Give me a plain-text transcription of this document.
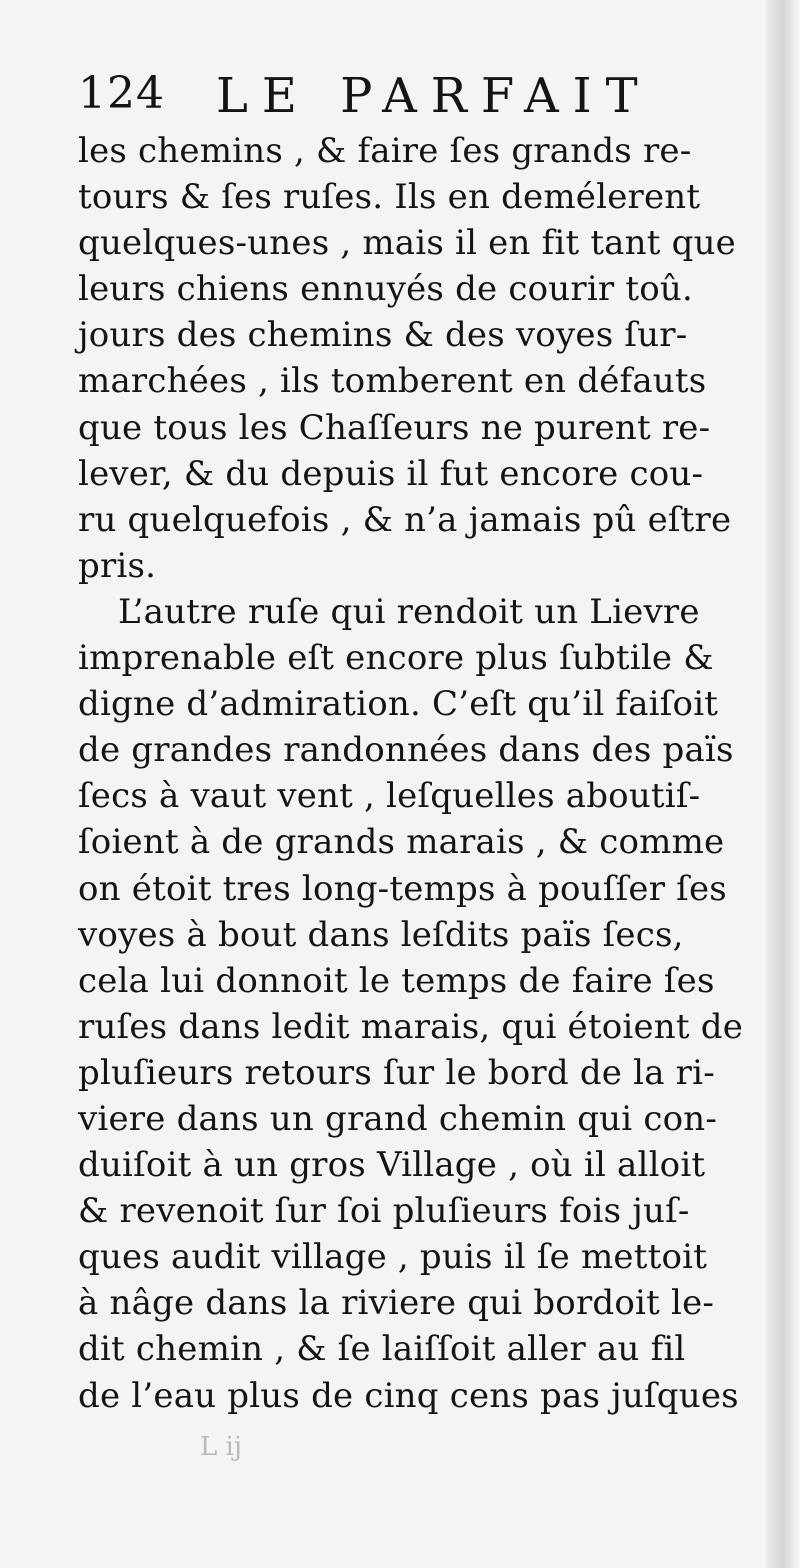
124 LE PARFAIT
les chemins , & faire ſes grands re-
tours & ſes ruſes. Ils en demélerent
quelques-unes , mais il en fit tant que
leurs chiens ennuyés de courir toû.
jours des chemins & des voyes ſur-
marchées , ils tomberent en défauts
que tous les Chaſſeurs ne purent re-
lever, & du depuis il fut encore cou-
ru quelquefois , & n’a jamais pû eſtre
pris.
L’autre ruſe qui rendoit un Lievre
imprenable eſt encore plus ſubtile &
digne d’admiration. C’eſt qu’il faiſoit
de grandes randonnées dans des païs
ſecs à vaut vent , leſquelles aboutiſ-
ſoient à de grands marais , & comme
on étoit tres long-temps à pouſſer ſes
voyes à bout dans leſdits païs ſecs,
cela lui donnoit le temps de faire ſes
ruſes dans ledit marais, qui étoient de
pluſieurs retours ſur le bord de la ri-
viere dans un grand chemin qui con-
duiſoit à un gros Village , où il alloit
& revenoit ſur ſoi pluſieurs fois juſ-
ques audit village , puis il ſe mettoit
à nâge dans la riviere qui bordoit le-
dit chemin , & ſe laiſſoit aller au fil
de l’eau plus de cinq cens pas juſques
L ij
